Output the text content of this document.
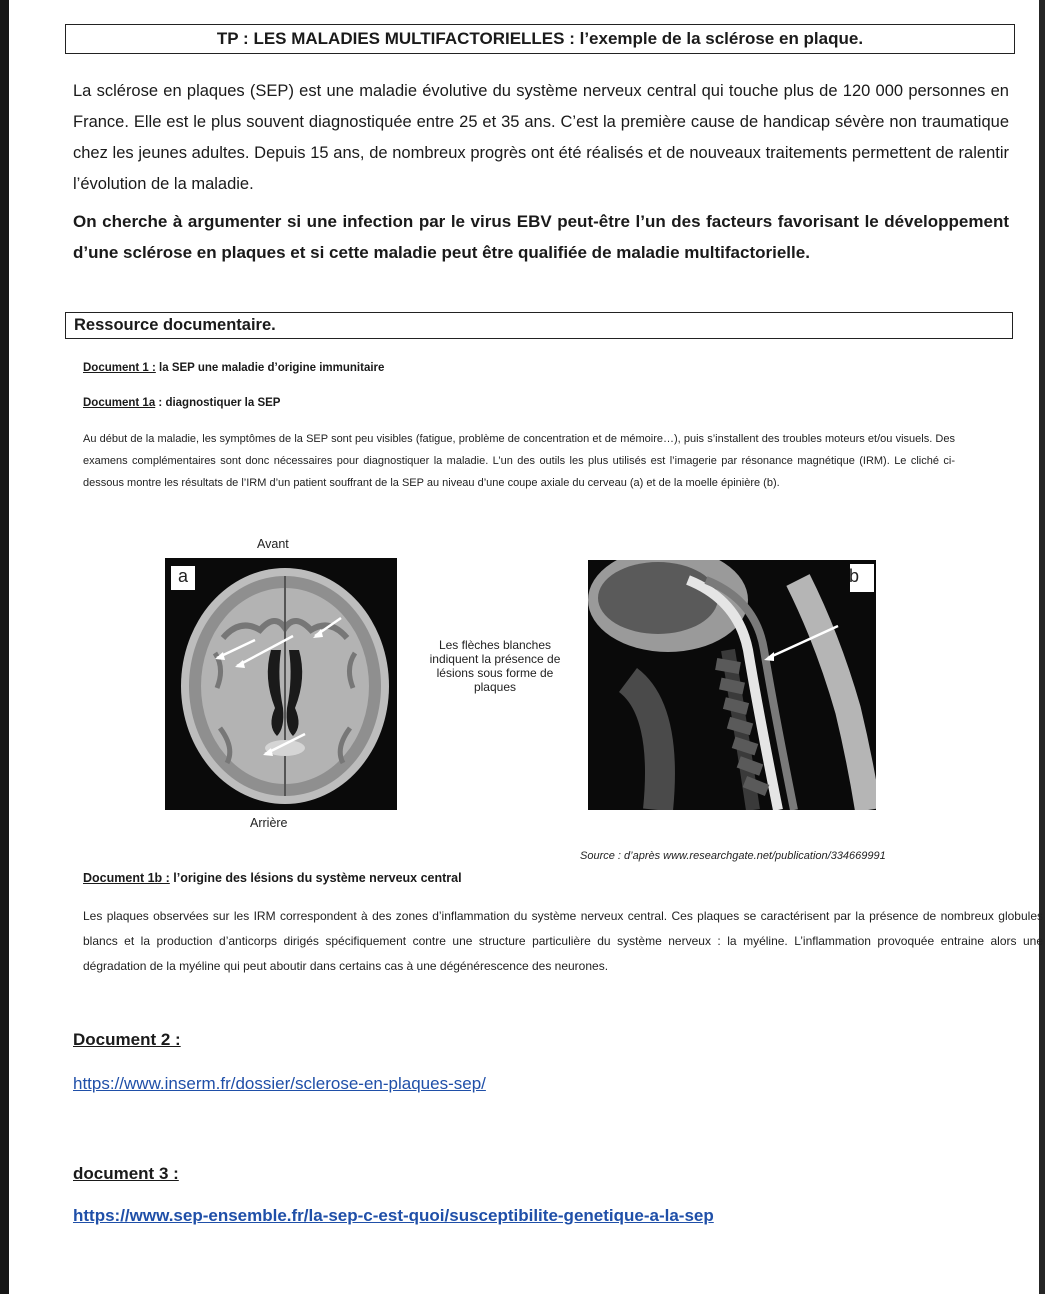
TP : LES MALADIES MULTIFACTORIELLES : l’exemple de la sclérose en plaque.
La sclérose en plaques (SEP) est une maladie évolutive du système nerveux central qui touche plus de 120 000 personnes en France. Elle est le plus souvent diagnostiquée entre 25 et 35 ans. C’est la première cause de handicap sévère non traumatique chez les jeunes adultes. Depuis 15 ans, de nombreux progrès ont été réalisés et de nouveaux traitements permettent de ralentir l’évolution de la maladie.
On cherche à argumenter si une infection par le virus EBV peut-être l’un des facteurs favorisant le développement d’une sclérose en plaques et si cette maladie peut être qualifiée de maladie multifactorielle.
Ressource documentaire.
Document 1 : la SEP une maladie d’origine immunitaire
Document 1a : diagnostiquer la SEP
Au début de la maladie, les symptômes de la SEP sont peu visibles (fatigue, problème de concentration et de mémoire…), puis s’installent des troubles moteurs et/ou visuels. Des examens complémentaires sont donc nécessaires pour diagnostiquer la maladie. L’un des outils les plus utilisés est l’imagerie par résonance magnétique (IRM). Le cliché ci-dessous montre les résultats de l’IRM d’un patient souffrant de la SEP au niveau d’une coupe axiale du cerveau (a) et de la moelle épinière (b).
Avant
a
Arrière
Les flèches blanches
indiquent la présence de
lésions sous forme de
plaques
b
Source : d’après www.researchgate.net/publication/334669991
Document 1b : l’origine des lésions du système nerveux central
Les plaques observées sur les IRM correspondent à des zones d’inflammation du système nerveux central. Ces plaques se caractérisent par la présence de nombreux globules blancs et la production d’anticorps dirigés spécifiquement contre une structure particulière du système nerveux : la myéline. L’inflammation provoquée entraine alors une dégradation de la myéline qui peut aboutir dans certains cas à une dégénérescence des neurones.
Document 2 :
https://www.inserm.fr/dossier/sclerose-en-plaques-sep/
document 3 :
https://www.sep-ensemble.fr/la-sep-c-est-quoi/susceptibilite-genetique-a-la-sep
